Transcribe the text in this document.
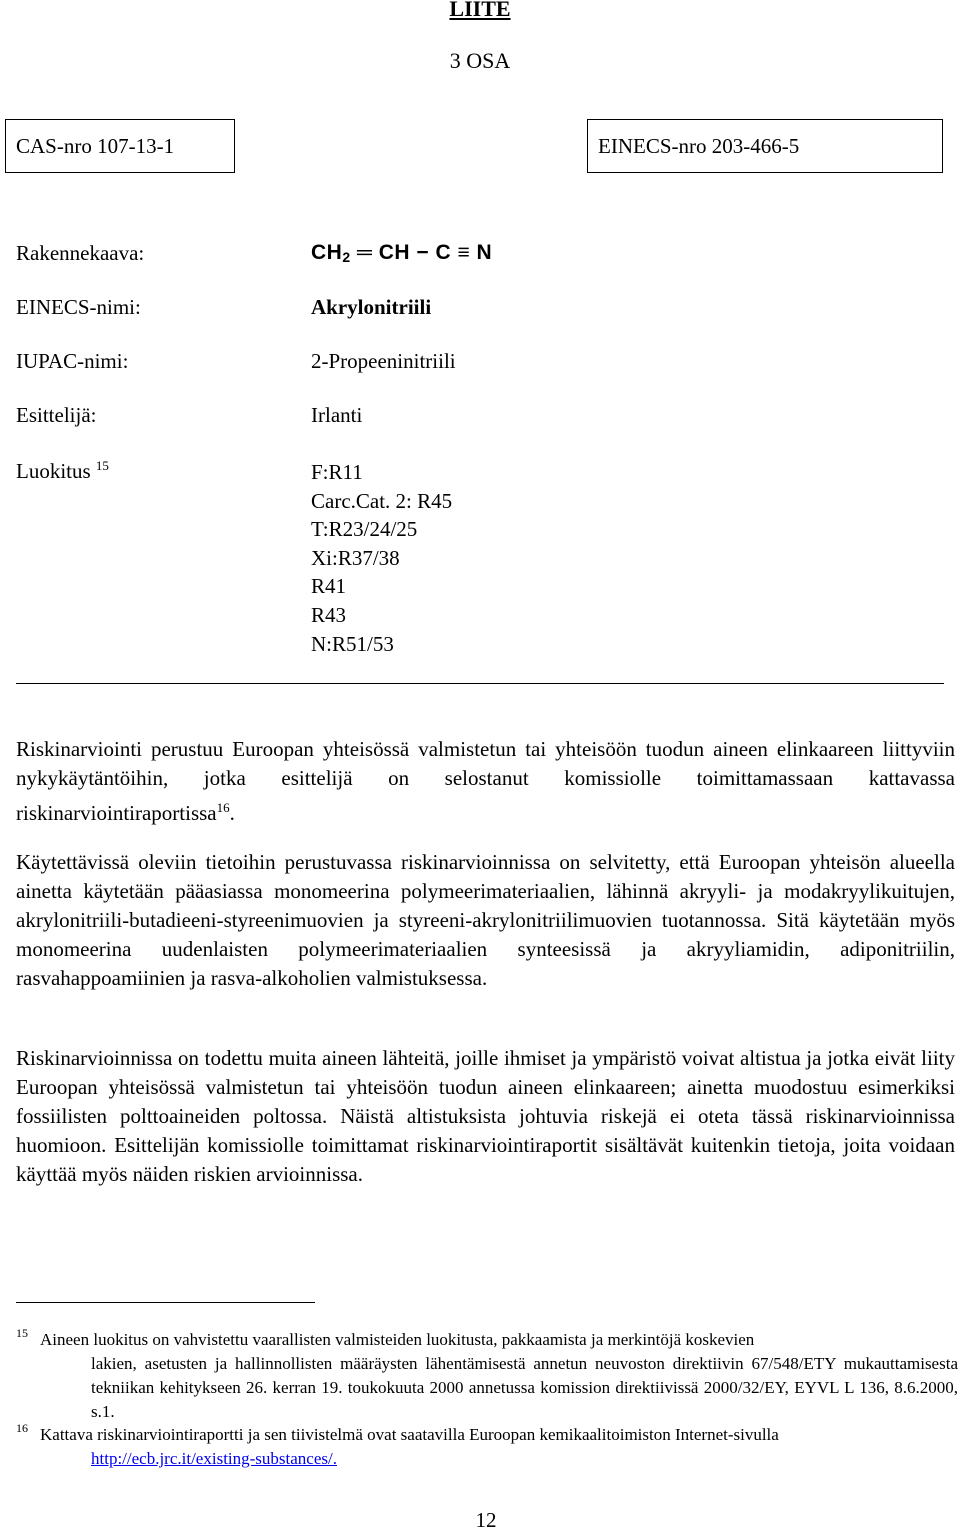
LIITE
3 OSA
CAS-nro 107-13-1	EINECS-nro 203-466-5
Rakennekaava:	$CH_2$ ═ CH − C ≡ N
EINECS-nimi:	Akrylonitriili
IUPAC-nimi:	2-Propeeninitriili
Esittelijä:	Irlanti
Luokitus $^{15}$	F:R11
Carc.Cat. 2: R45
T:R23/24/25
Xi:R37/38
R41
R43
N:R51/53
Riskinarviointi perustuu Euroopan yhteisössä valmistetun tai yhteisöön tuodun aineen elinkaareen liittyviin nykykäytäntöihin, jotka esittelijä on selostanut komissiolle toimittamassaan kattavassa riskinarviointiraportissa$^{16}$.
Käytettävissä oleviin tietoihin perustuvassa riskinarvioinnissa on selvitetty, että Euroopan yhteisön alueella ainetta käytetään pääasiassa monomeerina polymeerimateriaalien, lähinnä akryyli- ja modakryylikuitujen, akrylonitriili-butadieeni-styreenimuovien ja styreeni-akrylonitriilimuovien tuotannossa. Sitä käytetään myös monomeerina uudenlaisten polymeerimateriaalien synteesissä ja akryyliamidin, adiponitriilin, rasvahappoamiinien ja rasva-alkoholien valmistuksessa.
Riskinarvioinnissa on todettu muita aineen lähteitä, joille ihmiset ja ympäristö voivat altistua ja jotka eivät liity Euroopan yhteisössä valmistetun tai yhteisöön tuodun aineen elinkaareen; ainetta muodostuu esimerkiksi fossiilisten polttoaineiden poltossa. Näistä altistuksista johtuvia riskejä ei oteta tässä riskinarvioinnissa huomioon. Esittelijän komissiolle toimittamat riskinarviointiraportit sisältävät kuitenkin tietoja, joita voidaan käyttää myös näiden riskien arvioinnissa.
15 Aineen luokitus on vahvistettu vaarallisten valmisteiden luokitusta, pakkaamista ja merkintöjä koskevien
lakien, asetusten ja hallinnollisten määräysten lähentämisestä annetun neuvoston direktiivin 67/548/ETY mukauttamisesta tekniikan kehitykseen 26. kerran 19. toukokuuta 2000 annetussa komission direktiivissä 2000/32/EY, EYVL L 136, 8.6.2000, s.1.
16 Kattava riskinarviointiraportti ja sen tiivistelmä ovat saatavilla Euroopan kemikaalitoimiston Internet-sivulla
http://ecb.jrc.it/existing-substances/.
12
